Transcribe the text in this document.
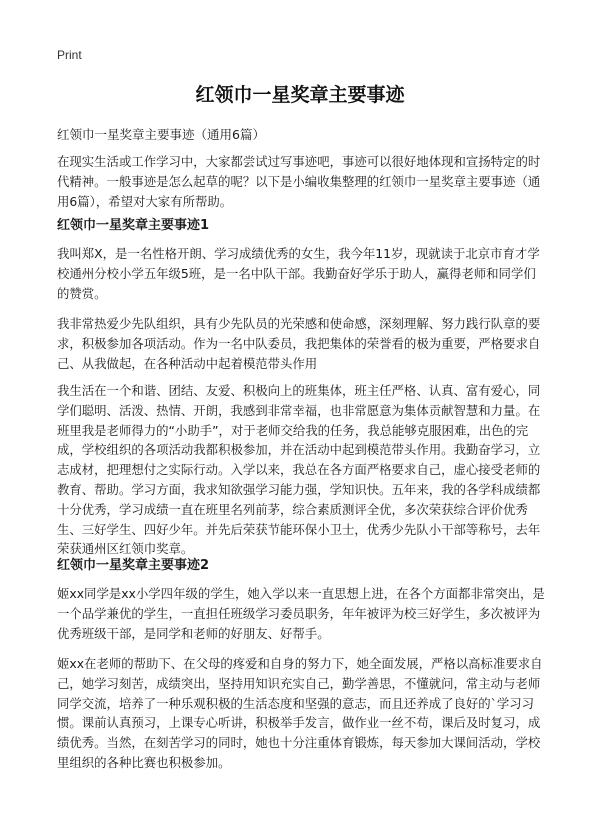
Print
红领巾一星奖章主要事迹
红领巾一星奖章主要事迹（通用6篇）

在现实生活或工作学习中，大家都尝试过写事迹吧，事迹可以很好地体现和宣扬特定的时代精神。一般事迹是怎么起草的呢？以下是小编收集整理的红领巾一星奖章主要事迹（通用6篇），希望对大家有所帮助。

红领巾一星奖章主要事迹1

我叫郑X，是一名性格开朗、学习成绩优秀的女生，我今年11岁，现就读于北京市育才学校通州分校小学五年级5班，是一名中队干部。我勤奋好学乐于助人，赢得老师和同学们的赞赏。

我非常热爱少先队组织，具有少先队员的光荣感和使命感，深刻理解、努力践行队章的要求，积极参加各项活动。作为一名中队委员，我把集体的荣誉看的极为重要，严格要求自己、从我做起，在各种活动中起着模范带头作用

我生活在一个和谐、团结、友爱、积极向上的班集体，班主任严格、认真、富有爱心，同学们聪明、活泼、热情、开朗，我感到非常幸福，也非常愿意为集体贡献智慧和力量。在班里我是老师得力的“小助手”，对于老师交给我的任务，我总能够克服困难，出色的完成，学校组织的各项活动我都积极参加，并在活动中起到模范带头作用。我勤奋学习，立志成材，把理想付之实际行动。入学以来，我总在各方面严格要求自己，虚心接受老师的教育、帮助。学习方面，我求知欲强学习能力强，学知识快。五年来，我的各学科成绩都十分优秀，学习成绩一直在班里名列前茅，综合素质测评全优，多次荣获综合评价优秀生、三好学生、四好少年。并先后荣获节能环保小卫士，优秀少先队小干部等称号，去年荣获通州区红领巾奖章。

红领巾一星奖章主要事迹2

姬xx同学是xx小学四年级的学生，她入学以来一直思想上进，在各个方面都非常突出，是一个品学兼优的学生，一直担任班级学习委员职务，年年被评为校三好学生，多次被评为优秀班级干部，是同学和老师的好朋友、好帮手。

姬xx在老师的帮助下、在父母的疼爱和自身的努力下，她全面发展，严格以高标准要求自己，她学习刻苦，成绩突出，坚持用知识充实自己，勤学善思，不懂就问，常主动与老师同学交流，培养了一种乐观积极的生活态度和坚强的意志，而且还养成了良好的`学习习惯。课前认真预习，上课专心听讲，积极举手发言，做作业一丝不苟，课后及时复习，成绩优秀。当然，在刻苦学习的同时，她也十分注重体育锻炼，每天参加大课间活动，学校里组织的各种比赛也积极参加。
